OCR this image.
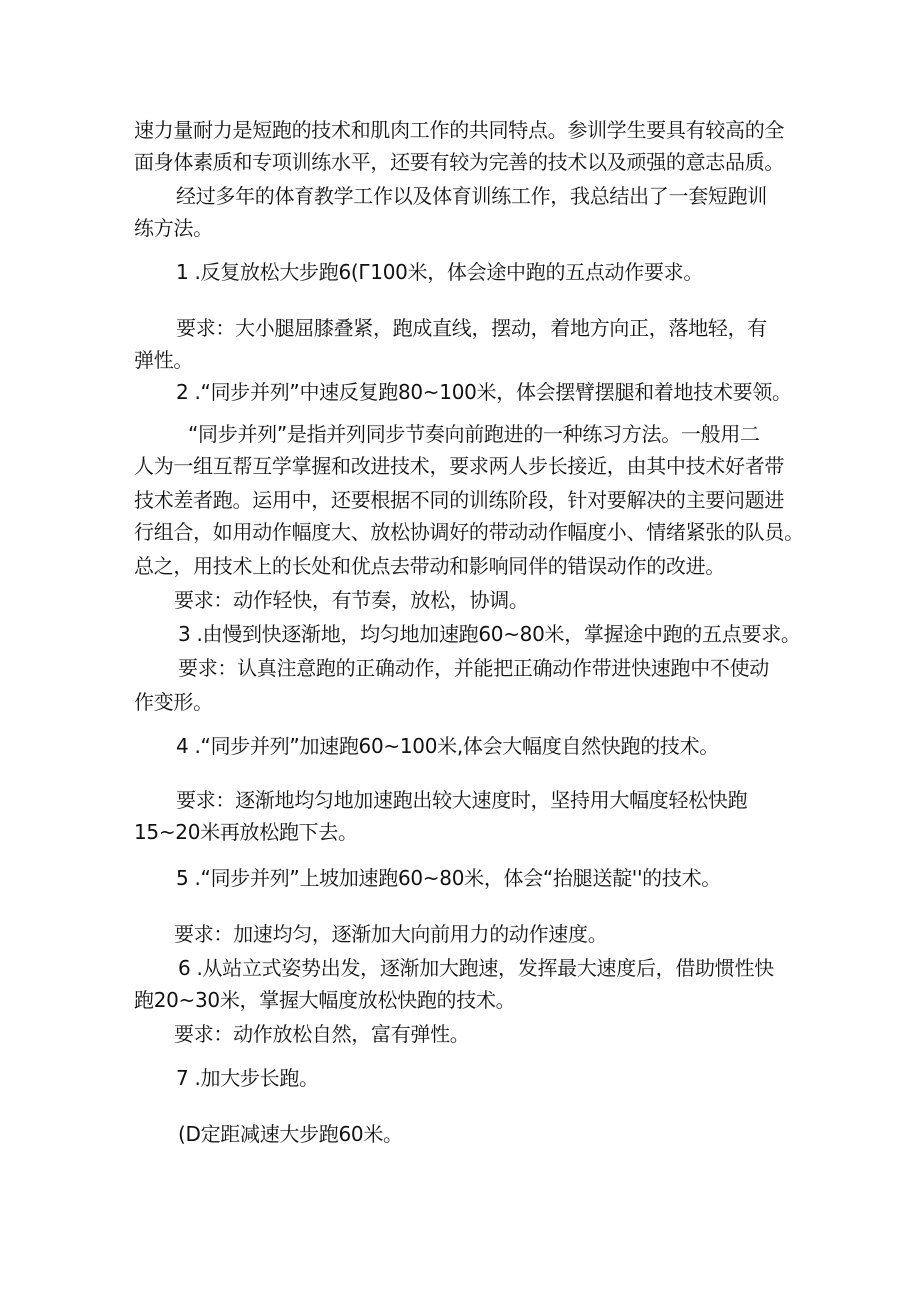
速力量耐力是短跑的技术和肌肉工作的共同特点。参训学生要具有较高的全
面身体素质和专项训练水平，还要有较为完善的技术以及顽强的意志品质。
经过多年的体育教学工作以及体育训练工作，我总结出了一套短跑训
练方法。
1 .反复放松大步跑6(Г100米，体会途中跑的五点动作要求。
要求：大小腿屈膝叠紧，跑成直线，摆动，着地方向正，落地轻，有
弹性。
2 .“同步并列”中速反复跑80~100米，体会摆臂摆腿和着地技术要领。
“同步并列”是指并列同步节奏向前跑进的一种练习方法。一般用二
人为一组互帮互学掌握和改进技术，要求两人步长接近，由其中技术好者带
技术差者跑。运用中，还要根据不同的训练阶段，针对要解决的主要问题进
行组合，如用动作幅度大、放松协调好的带动动作幅度小、情绪紧张的队员。
总之，用技术上的长处和优点去带动和影响同伴的错误动作的改进。
要求：动作轻快，有节奏，放松，协调。
3 .由慢到快逐渐地，均匀地加速跑60~80米，掌握途中跑的五点要求。
要求：认真注意跑的正确动作，并能把正确动作带进快速跑中不使动
作变形。
4 .“同步并列”加速跑60~100米,体会大幅度自然快跑的技术。
要求：逐渐地均匀地加速跑出较大速度时，坚持用大幅度轻松快跑
15~20米再放松跑下去。
5 .“同步并列”上坡加速跑60~80米，体会“抬腿送靛''的技术。
要求：加速均匀，逐渐加大向前用力的动作速度。
6 .从站立式姿势出发，逐渐加大跑速，发挥最大速度后，借助惯性快
跑20~30米，掌握大幅度放松快跑的技术。
要求：动作放松自然，富有弹性。
7 .加大步长跑。
(D定距减速大步跑60米。
